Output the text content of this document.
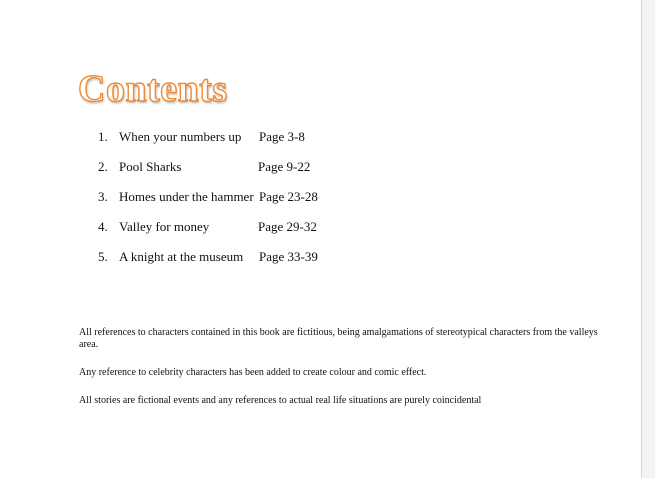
Contents
1. When your numbers up Page 3-8
2. Pool Sharks	Page 9-22
3. Homes under the hammer Page 23-28
4. Valley for money	Page 29-32
5. A knight at the museum Page 33-39

All references to characters contained in this book are fictitious, being amalgamations of stereotypical characters from the valleys area.

Any reference to celebrity characters has been added to create colour and comic effect.

All stories are fictional events and any references to actual real life situations are purely coincidental
